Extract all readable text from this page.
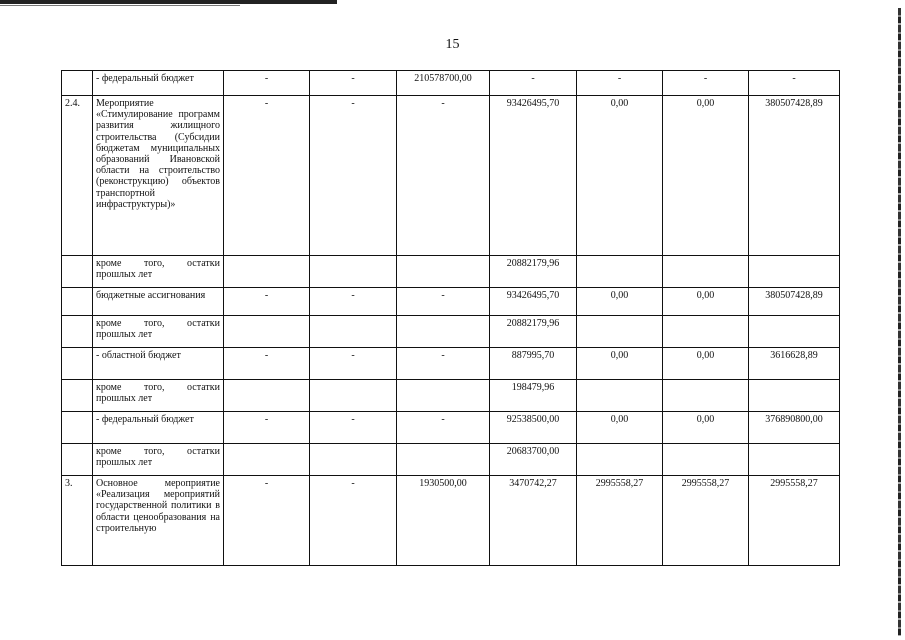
15
	- федеральный бюджет	-	-	210578700,00	-	-	-	-
2.4.	Мероприятие «Стимулирование программ развития жилищного строительства (Субсидии бюджетам муниципальных образований Ивановской области на строительство (реконструкцию) объектов транспортной инфраструктуры)»	-	-	-	93426495,70	0,00	0,00	380507428,89
	кроме того, остатки прошлых лет				20882179,96			
	бюджетные ассигнования	-	-	-	93426495,70	0,00	0,00	380507428,89
	кроме того, остатки прошлых лет				20882179,96			
	- областной бюджет	-	-	-	887995,70	0,00	0,00	3616628,89
	кроме того, остатки прошлых лет				198479,96			
	- федеральный бюджет	-	-	-	92538500,00	0,00	0,00	376890800,00
	кроме того, остатки прошлых лет				20683700,00			
3.	Основное мероприятие «Реализация мероприятий государственной политики в области ценообразования на строительную	-	-	1930500,00	3470742,27	2995558,27	2995558,27	2995558,27
